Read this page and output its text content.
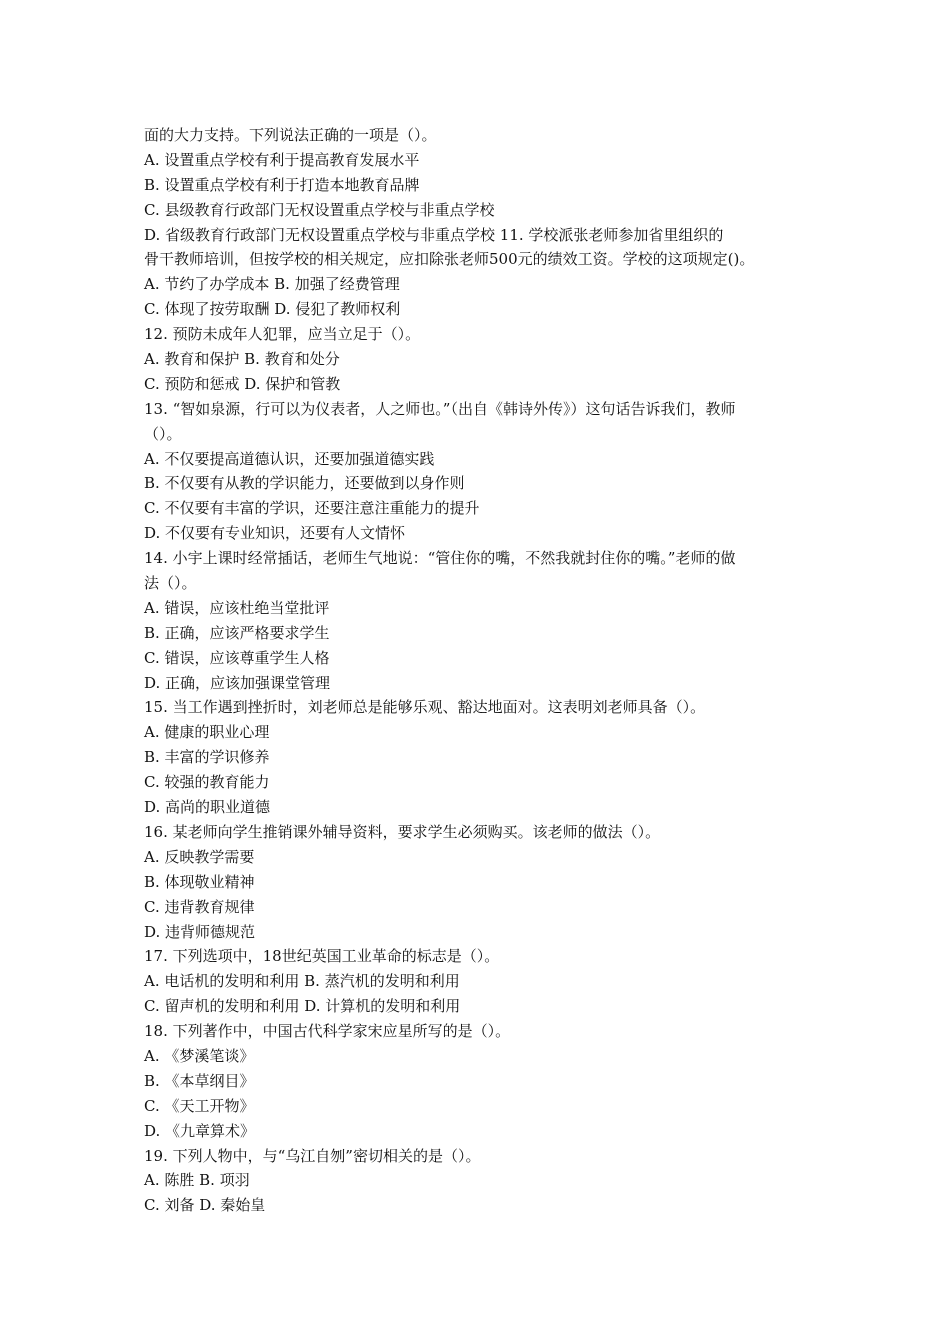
面的大力支持。下列说法正确的一项是（）。
A. 设置重点学校有利于提高教育发展水平
B. 设置重点学校有利于打造本地教育品牌
C. 县级教育行政部门无权设置重点学校与非重点学校
D. 省级教育行政部门无权设置重点学校与非重点学校 11. 学校派张老师参加省里组织的
骨干教师培训，但按学校的相关规定，应扣除张老师500元的绩效工资。学校的这项规定()。
A. 节约了办学成本 B. 加强了经费管理
C. 体现了按劳取酬 D. 侵犯了教师权利
12. 预防未成年人犯罪，应当立足于（）。
A. 教育和保护 B. 教育和处分
C. 预防和惩戒 D. 保护和管教
13. “智如泉源，行可以为仪表者，人之师也。”（出自《韩诗外传》）这句话告诉我们，教师
（）。
A. 不仅要提高道德认识，还要加强道德实践
B. 不仅要有从教的学识能力，还要做到以身作则
C. 不仅要有丰富的学识，还要注意注重能力的提升
D. 不仅要有专业知识，还要有人文情怀
14. 小宇上课时经常插话，老师生气地说：“管住你的嘴，不然我就封住你的嘴。”老师的做
法（）。
A. 错误，应该杜绝当堂批评
B. 正确，应该严格要求学生
C. 错误，应该尊重学生人格
D. 正确，应该加强课堂管理
15. 当工作遇到挫折时，刘老师总是能够乐观、豁达地面对。这表明刘老师具备（）。
A. 健康的职业心理
B. 丰富的学识修养
C. 较强的教育能力
D. 高尚的职业道德
16. 某老师向学生推销课外辅导资料，要求学生必须购买。该老师的做法（）。
A. 反映教学需要
B. 体现敬业精神
C. 违背教育规律
D. 违背师德规范
17. 下列选项中，18世纪英国工业革命的标志是（）。
A. 电话机的发明和利用 B. 蒸汽机的发明和利用
C. 留声机的发明和利用 D. 计算机的发明和利用
18. 下列著作中，中国古代科学家宋应星所写的是（）。
A. 《梦溪笔谈》
B. 《本草纲目》
C. 《天工开物》
D. 《九章算术》
19. 下列人物中，与“乌江自刎”密切相关的是（）。
A. 陈胜 B. 项羽
C. 刘备 D. 秦始皇
